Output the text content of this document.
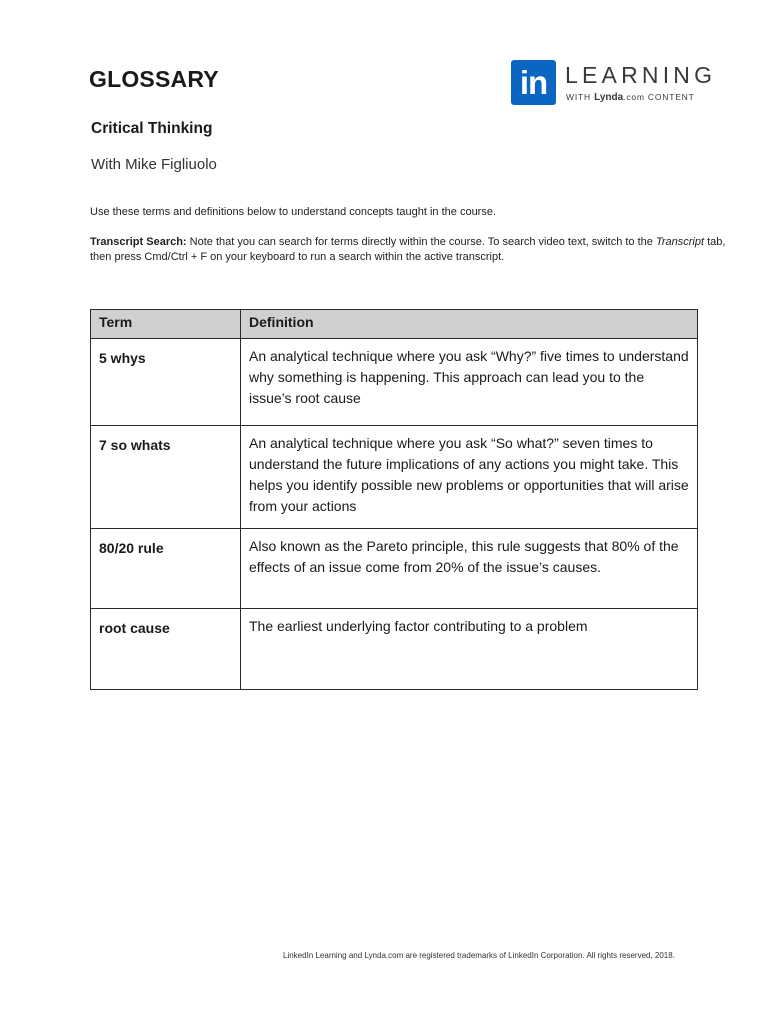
GLOSSARY	in LEARNING
WITH Lynda.com CONTENT
Critical Thinking
With Mike Figliuolo
Use these terms and definitions below to understand concepts taught in the course.
Transcript Search: Note that you can search for terms directly within the course. To search video text, switch to the Transcript tab, then press Cmd/Ctrl + F on your keyboard to run a search within the active transcript.
Term	Definition
5 whys	An analytical technique where you ask “Why?” five times to understand why something is happening. This approach can lead you to the issue’s root cause
7 so whats	An analytical technique where you ask “So what?” seven times to understand the future implications of any actions you might take. This helps you identify possible new problems or opportunities that will arise from your actions
80/20 rule	Also known as the Pareto principle, this rule suggests that 80% of the effects of an issue come from 20% of the issue’s causes.
root cause	The earliest underlying factor contributing to a problem
LinkedIn Learning and Lynda.com are registered trademarks of LinkedIn Corporation. All rights reserved, 2018.
